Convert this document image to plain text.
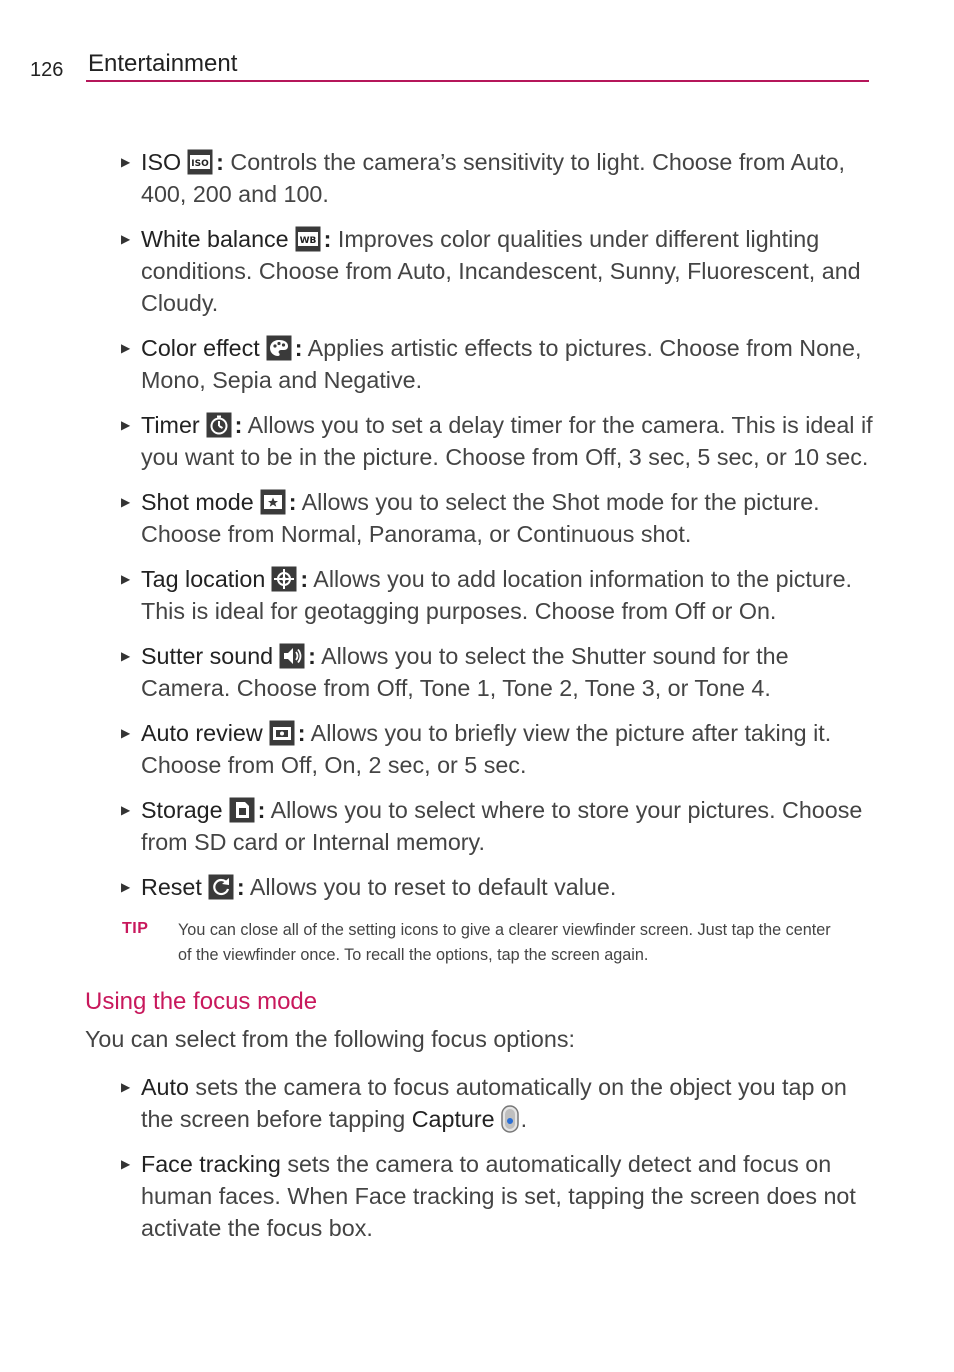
126 Entertainment
▶ ISO ISO : Controls the camera’s sensitivity to light. Choose from Auto, 400, 200 and 100.
▶ White balance WB : Improves color qualities under different lighting conditions. Choose from Auto, Incandescent, Sunny, Fluorescent, and Cloudy.
▶ Color effect : Applies artistic effects to pictures. Choose from None, Mono, Sepia and Negative.
▶ Timer : Allows you to set a delay timer for the camera. This is ideal if you want to be in the picture. Choose from Off, 3 sec, 5 sec, or 10 sec.
▶ Shot mode : Allows you to select the Shot mode for the picture. Choose from Normal, Panorama, or Continuous shot.
▶ Tag location : Allows you to add location information to the picture. This is ideal for geotagging purposes. Choose from Off or On.
▶ Sutter sound : Allows you to select the Shutter sound for the Camera. Choose from Off, Tone 1, Tone 2, Tone 3, or Tone 4.
▶ Auto review : Allows you to briefly view the picture after taking it. Choose from Off, On, 2 sec, or 5 sec.
▶ Storage : Allows you to select where to store your pictures. Choose from SD card or Internal memory.
▶ Reset : Allows you to reset to default value.
TIP You can close all of the setting icons to give a clearer viewfinder screen. Just tap the center of the viewfinder once. To recall the options, tap the screen again.
Using the focus mode
You can select from the following focus options:
▶ Auto sets the camera to focus automatically on the object you tap on the screen before tapping Capture .
▶ Face tracking sets the camera to automatically detect and focus on human faces. When Face tracking is set, tapping the screen does not activate the focus box.
